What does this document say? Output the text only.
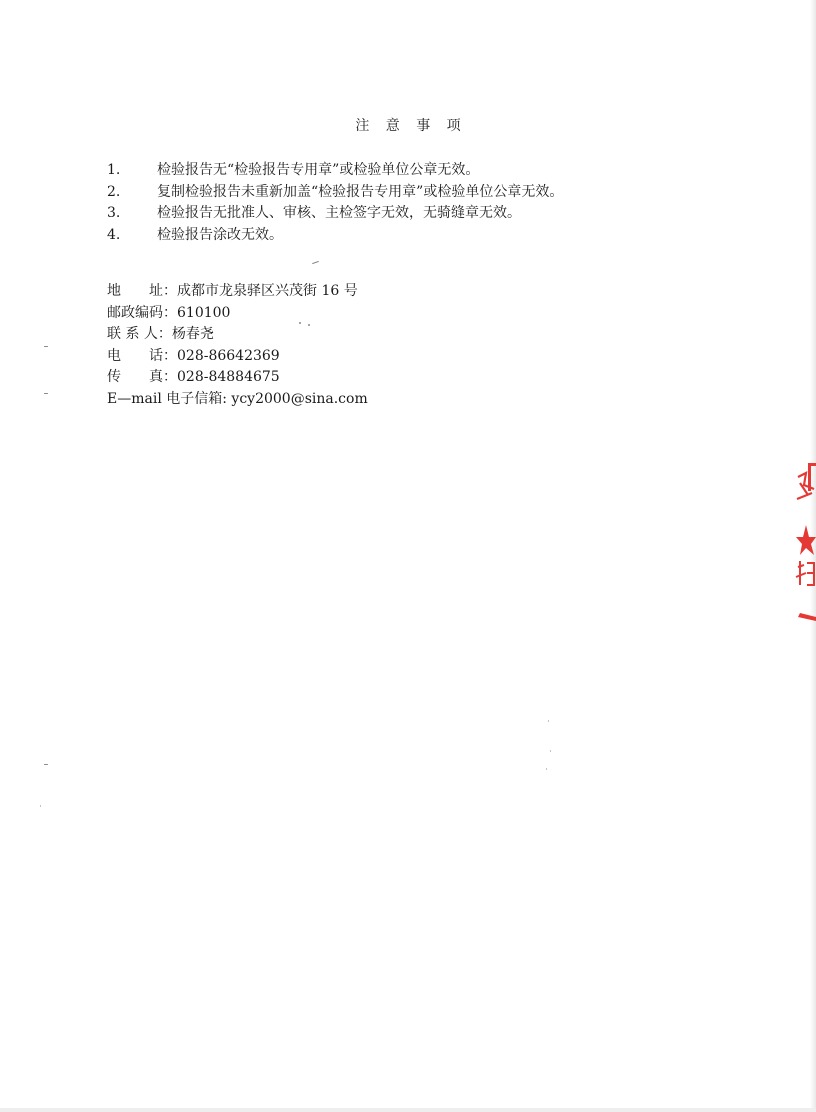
注 意 事 项
1.	检验报告无“检验报告专用章”或检验单位公章无效。
2.	复制检验报告未重新加盖“检验报告专用章”或检验单位公章无效。
3.	检验报告无批准人、审核、主检签字无效，无骑缝章无效。
4.	检验报告涂改无效。
地　　址：成都市龙泉驿区兴茂街 16 号
邮政编码：610100
联 系 人：杨春尧
电　　话：028-86642369
传　　真：028-84884675
E—mail 电子信箱: ycy2000@sina.com
